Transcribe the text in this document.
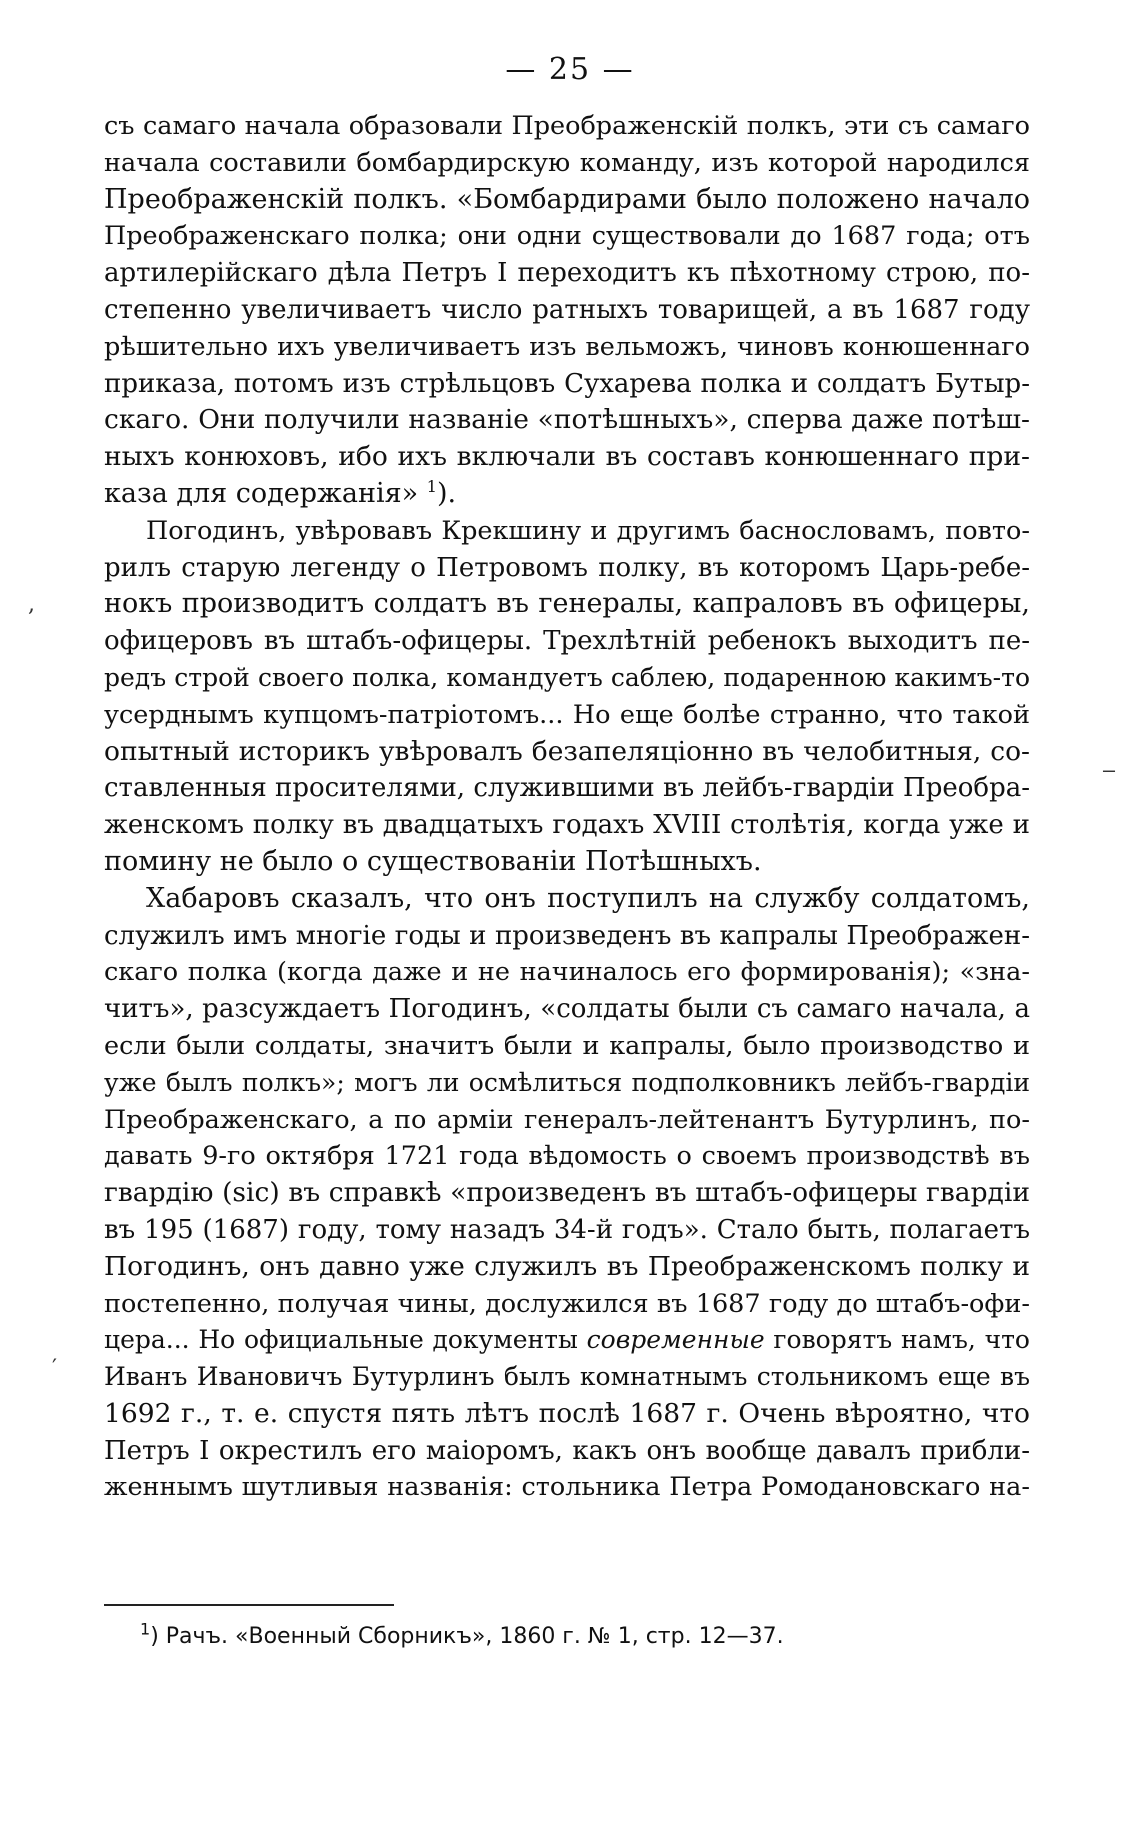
— 25 —
съ самаго начала образовали Преображенскій полкъ, эти съ самаго
начала составили бомбардирскую команду, изъ которой народился
Преображенскій полкъ. «Бомбардирами было положено начало
Преображенскаго полка; они одни существовали до 1687 года; отъ
артилерійскаго дѣла Петръ I переходитъ къ пѣхотному строю, по-
степенно увеличиваетъ число ратныхъ товарищей, а въ 1687 году
рѣшительно ихъ увеличиваетъ изъ вельможъ, чиновъ конюшеннаго
приказа, потомъ изъ стрѣльцовъ Сухарева полка и солдатъ Бутыр-
скаго. Они получили названіе «потѣшныхъ», сперва даже потѣш-
ныхъ конюховъ, ибо ихъ включали въ составъ конюшеннаго при-
каза для содержанія» $^1$).
Погодинъ, увѣровавъ Крекшину и другимъ баснословамъ, повто-
рилъ старую легенду о Петровомъ полку, въ которомъ Царь-ребе-
нокъ производитъ солдатъ въ генералы, капраловъ въ офицеры,
офицеровъ въ штабъ-офицеры. Трехлѣтній ребенокъ выходитъ пе-
редъ строй своего полка, командуетъ саблею, подаренною какимъ-то
усерднымъ купцомъ-патріотомъ... Но еще болѣе странно, что такой
опытный историкъ увѣровалъ безапеляціонно въ челобитныя, со-
ставленныя просителями, служившими въ лейбъ-гвардіи Преобра-
женскомъ полку въ двадцатыхъ годахъ XVIII столѣтія, когда уже и
помину не было о существованіи Потѣшныхъ.
Хабаровъ сказалъ, что онъ поступилъ на службу солдатомъ,
служилъ имъ многіе годы и произведенъ въ капралы Преображен-
скаго полка (когда даже и не начиналось его формированія); «зна-
читъ», разсуждаетъ Погодинъ, «солдаты были съ самаго начала, а
если были солдаты, значитъ были и капралы, было производство и
уже былъ полкъ»; могъ ли осмѣлиться подполковникъ лейбъ-гвардіи
Преображенскаго, а по арміи генералъ-лейтенантъ Бутурлинъ, по-
давать 9-го октября 1721 года вѣдомость о своемъ производствѣ въ
гвардію (sic) въ справкѣ «произведенъ въ штабъ-офицеры гвардіи
въ 195 (1687) году, тому назадъ 34-й годъ». Стало быть, полагаетъ
Погодинъ, онъ давно уже служилъ въ Преображенскомъ полку и
постепенно, получая чины, дослужился въ 1687 году до штабъ-офи-
цера... Но официальные документы современные говорятъ намъ, что
Иванъ Ивановичъ Бутурлинъ былъ комнатнымъ стольникомъ еще въ
1692 г., т. е. спустя пять лѣтъ послѣ 1687 г. Очень вѣроятно, что
Петръ I окрестилъ его маіоромъ, какъ онъ вообще давалъ прибли-
женнымъ шутливыя названія: стольника Петра Ромодановскаго на-
$^1$) Рачъ. «Военный Сборникъ», 1860 г. № 1, стр. 12—37.
,
‒
′
